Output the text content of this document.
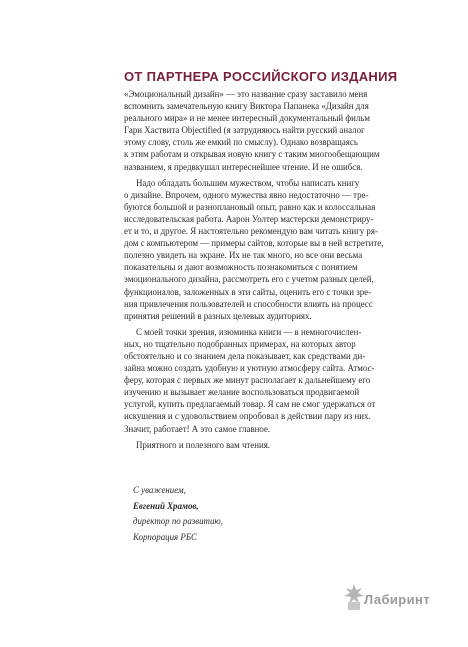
ОТ ПАРТНЕРА РОССИЙСКОГО ИЗДАНИЯ
«Эмоциональный дизайн» — это название сразу заставило меня
вспомнить замечательную книгу Виктора Папанека «Дизайн для
реального мира» и не менее интересный документальный фильм
Гари Хаствита Objectified (я затрудняюсь найти русский аналог
этому слову, столь же емкий по смыслу). Однако возвращаясь
к этим работам и открывая новую книгу с таким многообещающим
названием, я предвкушал интереснейшее чтение. И не ошибся.
Надо обладать большим мужеством, чтобы написать книгу
о дизайне. Впрочем, одного мужества явно недостаточно — тре-
буются большой и разноплановый опыт, равно как и колоссальная
исследовательская работа. Аарон Уолтер мастерски демонстриру-
ет и то, и другое. Я настоятельно рекомендую вам читать книгу ря-
дом с компьютером — примеры сайтов, которые вы в ней встретите,
полезно увидеть на экране. Их не так много, но все они весьма
показательны и дают возможность познакомиться с понятием
эмоционального дизайна, рассмотреть его с учетом разных целей,
функционалов, заложенных в эти сайты, оценить его с точки зре-
ния привлечения пользователей и способности влиять на процесс
принятия решений в разных целевых аудиториях.
С моей точки зрения, изюминка книги — в немногочислен-
ных, но тщательно подобранных примерах, на которых автор
обстоятельно и со знанием дела показывает, как средствами ди-
зайна можно создать удобную и уютную атмосферу сайта. Атмос-
феру, которая с первых же минут располагает к дальнейшему его
изучению и вызывает желание воспользоваться продвигаемой
услугой, купить предлагаемый товар. Я сам не смог удержаться от
искушения и с удовольствием опробовал в действии пару из них.
Значит, работает! А это самое главное.
Приятного и полезного вам чтения.
С уважением,
Евгений Храмов,
директор по развитию,
Корпорация РБС
Лабиринт
